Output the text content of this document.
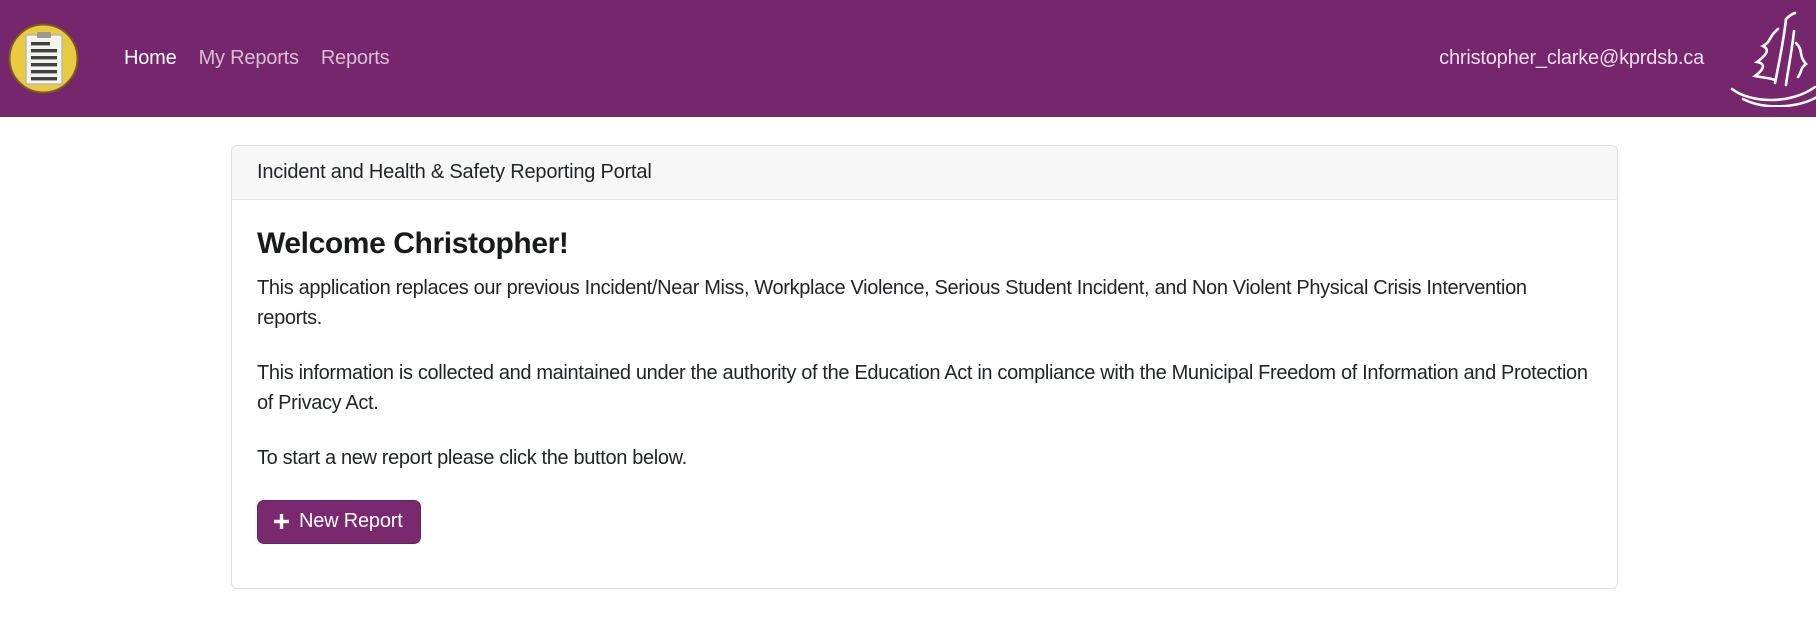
Home	My Reports	Reports	christopher_clarke@kprdsb.ca
Incident and Health & Safety Reporting Portal
Welcome Christopher!

This application replaces our previous Incident/Near Miss, Workplace Violence, Serious Student Incident, and Non Violent Physical Crisis Intervention reports.

This information is collected and maintained under the authority of the Education Act in compliance with the Municipal Freedom of Information and Protection of Privacy Act.

To start a new report please click the button below.

New Report
